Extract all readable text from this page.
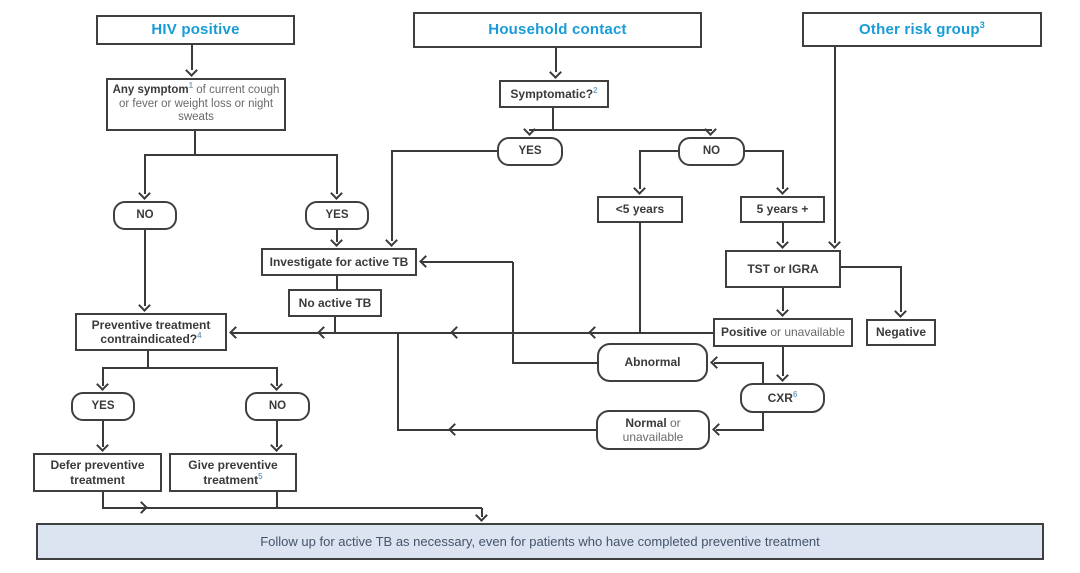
HIV positive	Household contact	Other risk group$^3$
Any symptom$^1$ of current cough or fever or weight loss or night sweats
Symptomatic?$^2$
<5 years	5 years +
TST or IGRA
Investigate for active TB
No active TB
Positive or unavailable	Negative
Preventive treatment contraindicated?$^4$
Defer preventive treatment
Give preventive treatment$^5$
YES	NO
NO	YES
YES	NO
Abnormal
CXR$^6$
Normal or unavailable
Follow up for active TB as necessary, even for patients who have completed preventive treatment
